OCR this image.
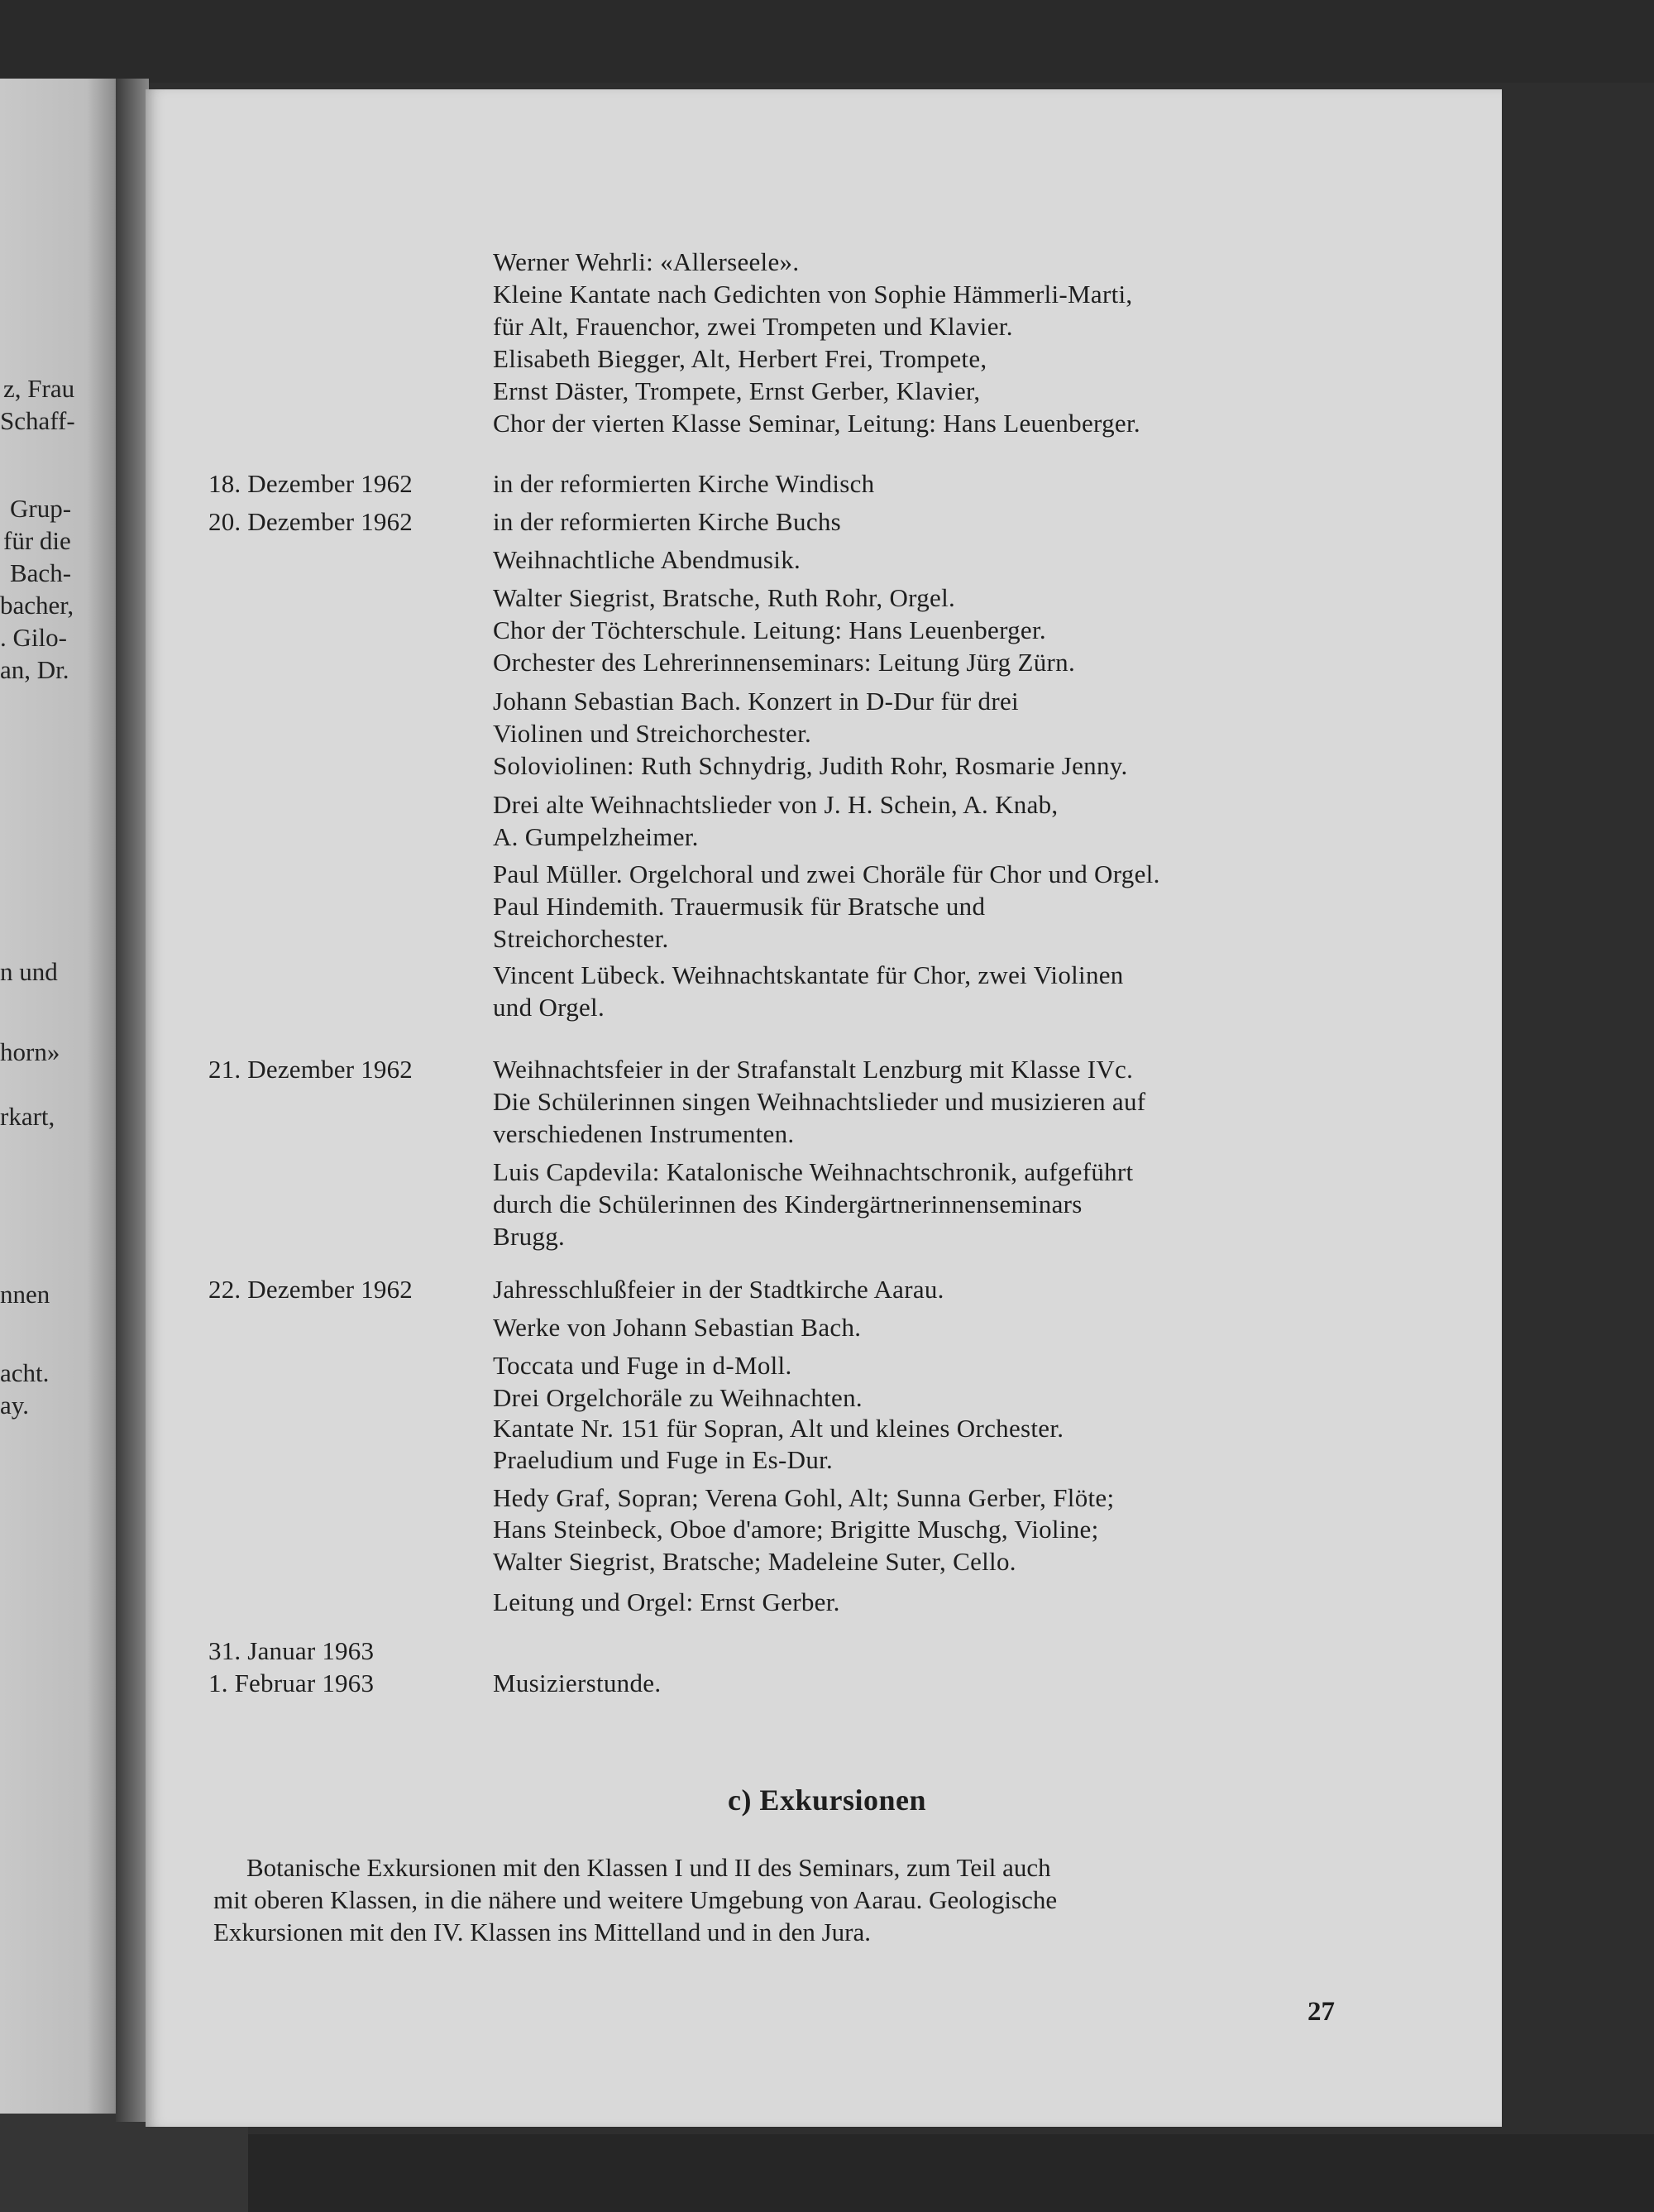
z, Frau
Schaff-
Grup-
für die
Bach-
bacher,
. Gilo-
an, Dr.
n und
horn»
rkart,
nnen
acht.
ay.
Werner Wehrli: «Allerseele».
Kleine Kantate nach Gedichten von Sophie Hämmerli-Marti,
für Alt, Frauenchor, zwei Trompeten und Klavier.
Elisabeth Biegger, Alt, Herbert Frei, Trompete,
Ernst Däster, Trompete, Ernst Gerber, Klavier,
Chor der vierten Klasse Seminar, Leitung: Hans Leuenberger.
18. Dezember 1962	in der reformierten Kirche Windisch
20. Dezember 1962	in der reformierten Kirche Buchs
Weihnachtliche Abendmusik.
Walter Siegrist, Bratsche, Ruth Rohr, Orgel.
Chor der Töchterschule. Leitung: Hans Leuenberger.
Orchester des Lehrerinnenseminars: Leitung Jürg Zürn.
Johann Sebastian Bach. Konzert in D-Dur für drei
Violinen und Streichorchester.
Soloviolinen: Ruth Schnydrig, Judith Rohr, Rosmarie Jenny.
Drei alte Weihnachtslieder von J. H. Schein, A. Knab,
A. Gumpelzheimer.
Paul Müller. Orgelchoral und zwei Choräle für Chor und Orgel.
Paul Hindemith. Trauermusik für Bratsche und
Streichorchester.
Vincent Lübeck. Weihnachtskantate für Chor, zwei Violinen
und Orgel.
21. Dezember 1962	Weihnachtsfeier in der Strafanstalt Lenzburg mit Klasse IVc.
Die Schülerinnen singen Weihnachtslieder und musizieren auf
verschiedenen Instrumenten.
Luis Capdevila: Katalonische Weihnachtschronik, aufgeführt
durch die Schülerinnen des Kindergärtnerinnenseminars
Brugg.
22. Dezember 1962	Jahresschlußfeier in der Stadtkirche Aarau.
Werke von Johann Sebastian Bach.
Toccata und Fuge in d-Moll.
Drei Orgelchoräle zu Weihnachten.
Kantate Nr. 151 für Sopran, Alt und kleines Orchester.
Praeludium und Fuge in Es-Dur.
Hedy Graf, Sopran; Verena Gohl, Alt; Sunna Gerber, Flöte;
Hans Steinbeck, Oboe d'amore; Brigitte Muschg, Violine;
Walter Siegrist, Bratsche; Madeleine Suter, Cello.
Leitung und Orgel: Ernst Gerber.
31. Januar 1963
1. Februar 1963	Musizierstunde.
c) Exkursionen
Botanische Exkursionen mit den Klassen I und II des Seminars, zum Teil auch
mit oberen Klassen, in die nähere und weitere Umgebung von Aarau. Geologische
Exkursionen mit den IV. Klassen ins Mittelland und in den Jura.
27
